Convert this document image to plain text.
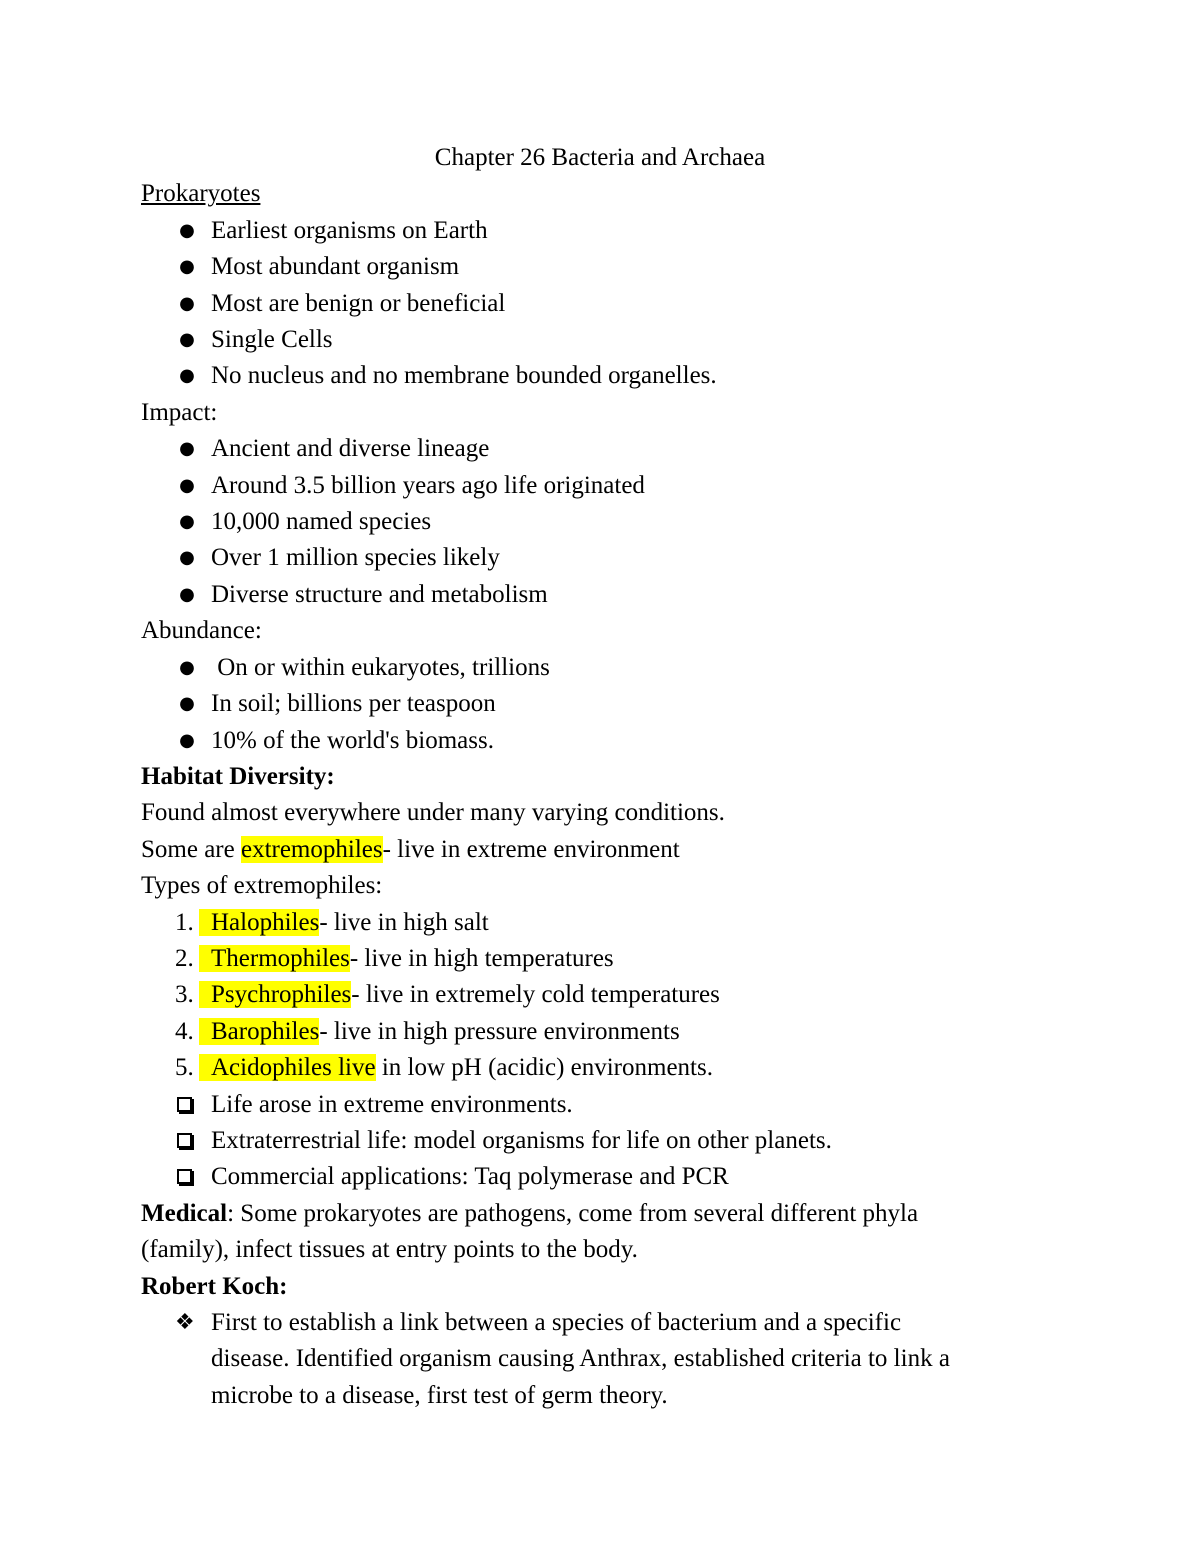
Chapter 26 Bacteria and Archaea

Prokaryotes

● Earliest organisms on Earth
● Most abundant organism
● Most are benign or beneficial
● Single Cells
● No nucleus and no membrane bounded organelles.

Impact:

● Ancient and diverse lineage
● Around 3.5 billion years ago life originated
● 10,000 named species
● Over 1 million species likely
● Diverse structure and metabolism

Abundance:

● On or within eukaryotes, trillions
● In soil; billions per teaspoon
● 10% of the world's biomass.

Habitat Diversity:

Found almost everywhere under many varying conditions.

Some are extremophiles- live in extreme environment

Types of extremophiles:

1. Halophiles- live in high salt
2. Thermophiles- live in high temperatures
3. Psychrophiles- live in extremely cold temperatures
4. Barophiles- live in high pressure environments
5. Acidophiles live in low pH (acidic) environments.
Life arose in extreme environments.
Extraterrestrial life: model organisms for life on other planets.
Commercial applications: Taq polymerase and PCR

Medical: Some prokaryotes are pathogens, come from several different phyla

(family), infect tissues at entry points to the body.

Robert Koch:

❖ First to establish a link between a species of bacterium and a specific
disease. Identified organism causing Anthrax, established criteria to link a
microbe to a disease, first test of germ theory.
